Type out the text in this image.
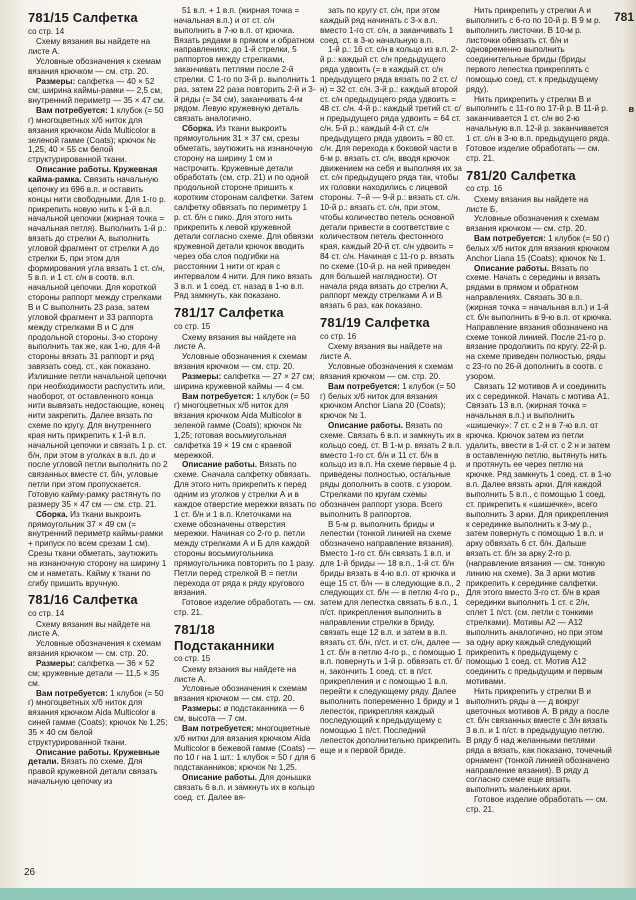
781/15 Салфетка

со стр. 14

Схему вязания вы найдете на листе А.

Условные обозначения к схемам вязания крючком — см. стр. 20.

Размеры: салфетка — 40 × 52 см; ширина каймы-рамки — 2,5 см, внутренний периметр — 35 × 47 см.

Вам потребуется: 1 клубок (= 50 г) многоцветных х/б ниток для вязания крючком Aida Multicolor в зеленой гамме (Coats); крючок № 1,25; 40 × 55 см белой структурированной ткани.

Описание работы. Кружевная кайма-рамка. Связать начальную цепочку из 696 в.п. и оставить концы нити свободными. Для 1-го р. прикрепить новую нить к 1-й в.п. начальной цепочки (жирная точка = начальная петля). Выполнить 1-й р.: вязать до стрелки А, выполнить угловой фрагмент от стрелки А до стрелки Б, при этом для формирования угла вязать 1 ст. с/н, 5 в.п. и 1 ст. с/н в соотв. в.п. начальной цепочки. Для короткой стороны раппорт между стрелками В и С выполнить 23 раза, затем угловой фрагмент и 33 раппорта между стрелками В и С для продольной стороны. 3-ю сторону выполнить так же, как 1-ю, для 4-й стороны вязать 31 раппорт и ряд завязать соед. ст., как показано. Излишние петли начальной цепочки при необходимости распустить или, наоборот, от оставленного конца нити вывязать недостающие, конец нити закрепить. Далее вязать по схеме по кругу. Для внутреннего края нить прикрепить к 1-й в.п. начальной цепочки и связать 1 р. ст. б/н, при этом в уголках в в.п. до и после угловой петли выполнить по 2 связанных вместе ст. б/н, угловые петли при этом пропускается. Готовую кайму-рамку растянуть по размеру 35 × 47 см — см. стр. 21.

Сборка. Из ткани выкроить прямоугольник 37 × 49 см (= внутренний периметр каймы-рамки + припуск по всем срезам 1 см). Срезы ткани обметать, заутюжить на изнаночную сторону на ширину 1 см и наметать. Кайму к ткани по сгибу пришить вручную.

781/16 Салфетка

со стр. 14

Схему вязания вы найдете на листе А.

Условные обозначения к схемам вязания крючком — см. стр. 20.

Размеры: салфетка — 36 × 52 см; кружевные детали — 11,5 × 35 см.

Вам потребуется: 1 клубок (= 50 г) многоцветных х/б ниток для вязания крючком Aida Multicolor в синей гамме (Coats); крючок № 1,25; 35 × 40 см белой структурированной ткани.

Описание работы. Кружевные детали. Вязать по схеме. Для правой кружевной детали связать начальную цепочку из

51 в.п. + 1 в.п. (жирная точка = начальная в.п.) и от ст. с/н выполнить в 7-ю в.п. от крючка. Вязать рядами в прямом и обратном направлениях: до 1-й стрелки, 5 раппортов между стрелками, заканчивать петлями после 2-й стрелки. С 1-го по 3-й р. выполнить 1 раз, затем 22 раза повторить 2-й и 3-й ряды (= 34 см), заканчивать 4-м рядом. Левую кружевную деталь связать аналогично.

Сборка. Из ткани выкроить прямоугольник 31 × 37 см, срезы обметать, заутюжить на изнаночную сторону на ширину 1 см и настрочить. Кружевные детали обработать (см. стр. 21) и по одной продольной стороне пришить к коротким сторонам салфетки. Затем салфетку обвязать по периметру 1 р. ст. б/н с пико. Для этого нить прикрепить к левой кружевной детали согласно схеме. Для обвязки кружевной детали крючок вводить через оба слоя подгибки на расстоянии 1 нити от края с интервалом 4 нити. Для пико вязать 3 в.п. и 1 соед. ст. назад в 1-ю в.п. Ряд замкнуть, как показано.

781/17 Салфетка

со стр. 15

Схему вязания вы найдете на листе А.

Условные обозначения к схемам вязания крючком — см. стр. 20.

Размеры: салфетка — 27 × 27 см; ширина кружевной каймы — 4 см.

Вам потребуется: 1 клубок (= 50 г) многоцветных х/б ниток для вязания крючком Aida Multicolor в зеленой гамме (Coats); крючок № 1,25; готовая восьмиугольная салфетка 19 × 19 см с краевой мережкой.

Описание работы. Вязать по схеме. Сначала салфетку обвязать. Для этого нить прикрепить к перед одним из уголков у стрелки А и в каждое отверстие мережки вязать по 1 ст. б/н и 1 в.п. Клеточками на схеме обозначены отверстия мережки. Начиная со 2-го р. петли между стрелками А и Б для каждой стороны восьмиугольника прямоугольника повторить по 1 разу. Петли перед стрелкой В = петли перехода от ряда к ряду кругового вязания.

Готовое изделие обработать — см. стр. 21.

781/18 Подстаканники

со стр. 15

Схему вязания вы найдете на листе А.

Условные обозначения к схемам вязания крючком — см. стр. 20.

Размеры: ø подстаканника — 6 см, высота — 7 см.

Вам потребуется: многоцветные х/б нитки для вязания крючком Aida Multicolor в бежевой гамме (Coats) — по 10 г на 1 шт.: 1 клубок = 50 г для 6 подстаканников; крючок № 1,25.

Описание работы. Для донышка связать 6 в.п. и замкнуть их в кольцо соед. ст. Далее вя-

зать по кругу ст. с/н, при этом каждый ряд начинать с 3-х в.п. вместо 1-го ст. с/н, а заканчивать 1 соед. ст. в 3-ю начальную в.п.

1-й р.: 16 ст. с/н в кольцо из в.п. 2-й р.: каждый ст. с/н предыдущего ряда удвоить (= в каждый ст. с/н предыдущего ряда вязать по 2 ст. с/н) = 32 ст. с/н. 3-й р.: каждый второй ст. с/н предыдущего ряда удвоить = 48 ст. с/н. 4-й р.: каждый третий ст. с/н предыдущего ряда удвоить = 64 ст. с/н. 5-й р.: каждый 4-й ст. с/н предыдущего ряда удвоить = 80 ст. с/н. Для перехода к боковой части в 6-м р. вязать ст. с/н, вводя крючок движением на себя и выполняя их за ст. с/н предыдущего ряда так, чтобы их головки находились с лицевой стороны. 7–й — 9-й р.: вязать ст. с/н. 10-й р.: вязать ст. с/н, при этом, чтобы количество петель основной детали привести в соответствие с количеством петель фестонного края, каждый 20-й ст. с/н удвоить = 84 ст. с/н. Начиная с 11-го р. вязать по схеме (10-й р. на ней приведен для большей наглядности). От начала ряда вязать до стрелки А, раппорт между стрелками А и В вязать 6 раз, как показано.

781/19 Салфетка

со стр. 16

Схему вязания вы найдете на листе А.

Условные обозначения к схемам вязания крючком — см. стр. 20.

Вам потребуется: 1 клубок (= 50 г) белых х/б ниток для вязания крючком Anchor Liana 20 (Coats); крючок № 1.

Описание работы. Вязать по схеме. Связать 6 в.п. и замкнуть их в кольцо соед. ст. В 1-м р. вязать 2 в.п. вместо 1-го ст. б/н и 11 ст. б/н в кольцо из в.п. На схеме первые 4 р. приведены полностью, остальные ряды дополнить в соотв. с узором. Стрелками по кругам схемы обозначен раппорт узора. Всего выполнить 8 раппортов.

В 5-м р. выполнить бриды и лепестки (тонкой линией на схеме обозначено направление вязания). Вместо 1-го ст. б/н связать 1 в.п. и для 1-й бриды — 18 в.п., 1-й ст. б/н бриды вязать в 4-ю в.п. от крючка и еще 15 ст. б/н — в следующие в.п., 2 следующих ст. б/н — в петлю 4-го р., затем для лепестка связать 6 в.п., 1 п/ст. прикрепления выполнить в направлении стрелки в бриду, связать еще 12 в.п. и затем в в.п. вязать ст. б/н, п/ст. и ст. с/н, далее — 1 ст. б/н в петлю 4-го р., с помощью 1 в.п. повернуть и 1-й р. обвязать ст. б/н, закончить 1 соед. ст. в п/ст. прикрепления и с помощью 1 в.п. перейти к следующему ряду. Далее выполнить попеременно 1 бриду и 1 лепесток, прикрепляя каждый последующий к предыдущему с помощью 1 п/ст. Последний лепесток дополнительно прикрепить еще и к первой бриде.

Нить прикрепить у стрелки А и выполнить с 6-го по 10-й р. В 9 м р. выполнить листочки. В 10-м р. листочки обвязать ст. б/н и одновременно выполнить соединительные бриды (бриды первого лепестка прикреплять с помощью соед. ст. к предыдущему ряду).

Нить прикрепить у стрелки В и выполнить с 11-го по 17-й р. В 11-й р. заканчивается 1 ст. с/н во 2-ю начальную в.п. 12-й р. заканчивается 1 ст. с/н в 3-ю в.п. предыдущего ряда. Готовое изделие обработать — см. стр. 21.

781/20 Салфетка

со стр. 16

Схему вязания вы найдете на листе Б.

Условные обозначения к схемам вязания крючком — см. стр. 20.

Вам потребуется: 1 клубок (= 50 г) белых х/б ниток для вязания крючком Anchor Liana 15 (Coats); крючок № 1.

Описание работы. Вязать по схеме. Начать с середины и вязать рядами в прямом и обратном направлениях. Связать 30 в.п. (жирная точка = начальная в.п.) и 1-й ст. б/н выполнить в 9-ю в.п. от крючка. Направление вязания обозначено на схеме тонкой линией. После 21-го р. вязание продолжить по кругу. 22-й р. на схеме приведен полностью, ряды с 23-го по 26-й дополнить в соотв. с узором.

Связать 12 мотивов А и соединить их с серединкой. Начать с мотива А1. Связать 13 в.п. (жирная точка = начальная в.п.) и выполнить «шишечку»: 7 ст. с 2 н в 7-ю в.п. от крючка. Крючок затем из петли удалить, ввести в 1-й ст. с 2 н и затем в оставленную петлю, вытянуть нить и протянуть ее через петлю на крючке. Ряд замкнуть 1 соед. ст. в 1-ю в.п. Далее вязать арки. Для каждой выполнить 5 в.п., с помощью 1 соед. ст. прикрепить к «шишечке», всего выполнить 3 арки. Для прикрепления к серединке выполнить к 3-му р., затем повернуть с помощью 1 в.п. и арку обвязать 6 ст. б/н. Дальше вязать ст. б/н за арку 2-го р. (направление вязания — см. тонкую линию на схеме). За 3 арки мотив прикрепить к серединке салфетки. Для этого вместо 3-го ст. б/н в края серединки выполнить 1 ст. с 2/н, сплет 1 п/ст. (см. петли с тонкими стрелками). Мотивы А2 — А12 выполнить аналогично, но при этом за одну арку каждый следующий прикрепить к предыдущему с помощью 1 соед. ст. Мотив А12 соединить с предыдущим и первым мотивами.

Нить прикрепить у стрелки В и выполнить ряды а — д вокруг цветочных мотивов А. В ряду а после ст. б/н связанных вместе с 3/н вязать 3 в.п. и 1 п/ст. в предыдущую петлю. В ряду б над желанными петлями ряда а вязать, как показано, точечный орнамент (тонкой линией обозначено направление вязания). В ряду д согласно схеме еще вязать выполнить маленьких арки.

Готовое изделие обработать — см. стр. 21.

781
в
26
